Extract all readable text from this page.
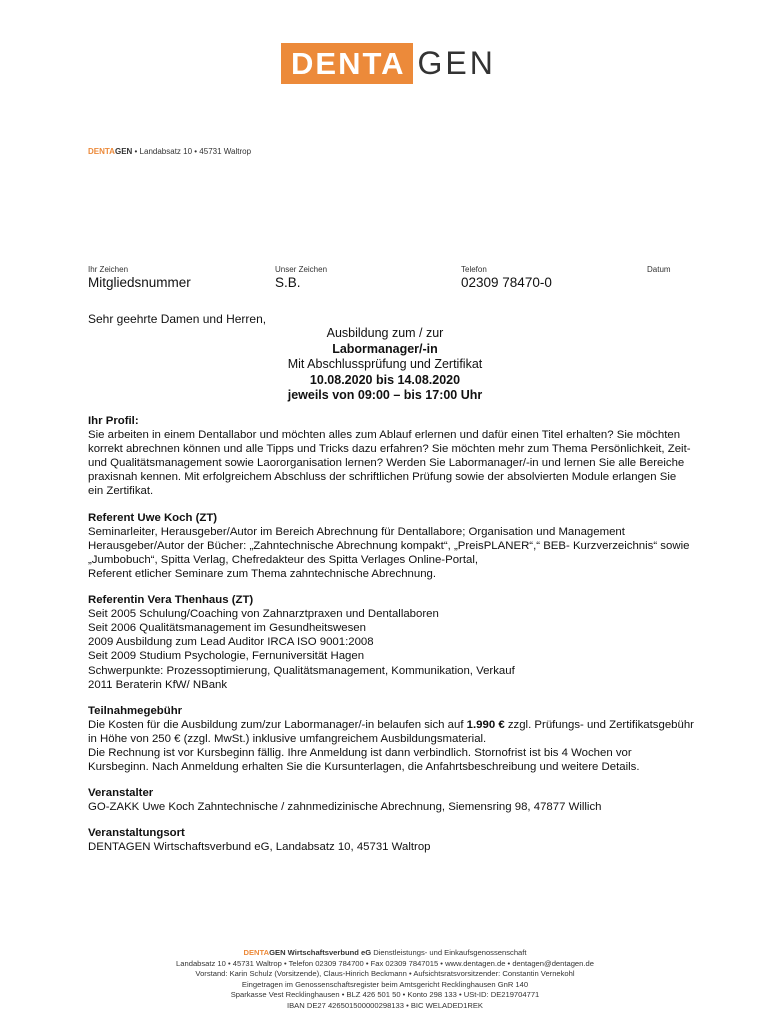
DENTA GEN
DENTAGEN • Landabsatz 10 • 45731 Waltrop
Ihr Zeichen
Mitgliedsnummer
Unser Zeichen
S.B.
Telefon
02309 78470-0
Datum
Sehr geehrte Damen und Herren,
Ausbildung zum / zur
Labormanager/-in
Mit Abschlussprüfung und Zertifikat
10.08.2020 bis 14.08.2020
jeweils von 09:00 – bis 17:00 Uhr
Ihr Profil:

Sie arbeiten in einem Dentallabor und möchten alles zum Ablauf erlernen und dafür einen Titel erhalten? Sie möchten korrekt abrechnen können und alle Tipps und Tricks dazu erfahren? Sie möchten mehr zum Thema Persönlichkeit, Zeit- und Qualitätsmanagement sowie Laororganisation lernen? Werden Sie Labormanager/-in und lernen Sie alle Bereiche praxisnah kennen. Mit erfolgreichem Abschluss der schriftlichen Prüfung sowie der absolvierten Module erlangen Sie ein Zertifikat.

Referent Uwe Koch (ZT)

Seminarleiter, Herausgeber/Autor im Bereich Abrechnung für Dentallabore; Organisation und Management

Herausgeber/Autor der Bücher: „Zahntechnische Abrechnung kompakt“, „PreisPLANER“,“ BEB- Kurzverzeichnis“ sowie „Jumbobuch“, Spitta Verlag, Chefredakteur des Spitta Verlages Online-Portal,

Referent etlicher Seminare zum Thema zahntechnische Abrechnung.

Referentin Vera Thenhaus (ZT)

Seit 2005 Schulung/Coaching von Zahnarztpraxen und Dentallaboren

Seit 2006 Qualitätsmanagement im Gesundheitswesen

2009 Ausbildung zum Lead Auditor IRCA ISO 9001:2008

Seit 2009 Studium Psychologie, Fernuniversität Hagen

Schwerpunkte: Prozessoptimierung, Qualitätsmanagement, Kommunikation, Verkauf

2011 Beraterin KfW/ NBank

Teilnahmegebühr

Die Kosten für die Ausbildung zum/zur Labormanager/-in belaufen sich auf 1.990 € zzgl. Prüfungs- und Zertifikatsgebühr in Höhe von 250 € (zzgl. MwSt.) inklusive umfangreichem Ausbildungsmaterial.

Die Rechnung ist vor Kursbeginn fällig. Ihre Anmeldung ist dann verbindlich. Stornofrist ist bis 4 Wochen vor Kursbeginn. Nach Anmeldung erhalten Sie die Kursunterlagen, die Anfahrtsbeschreibung und weitere Details.

Veranstalter

GO-ZAKK Uwe Koch Zahntechnische / zahnmedizinische Abrechnung, Siemensring 98, 47877 Willich

Veranstaltungsort

DENTAGEN Wirtschaftsverbund eG, Landabsatz 10, 45731 Waltrop

DENTAGEN Wirtschaftsverbund eG Dienstleistungs- und Einkaufsgenossenschaft
Landabsatz 10 • 45731 Waltrop • Telefon 02309 784700 • Fax 02309 7847015 • www.dentagen.de • dentagen@dentagen.de
Vorstand: Karin Schulz (Vorsitzende), Claus-Hinrich Beckmann • Aufsichtsratsvorsitzender: Constantin Vernekohl
Eingetragen im Genossenschaftsregister beim Amtsgericht Recklinghausen GnR 140
Sparkasse Vest Recklinghausen • BLZ 426 501 50 • Konto 298 133 • USt-ID: DE219704771
IBAN DE27 426501500000298133 • BIC WELADED1REK
